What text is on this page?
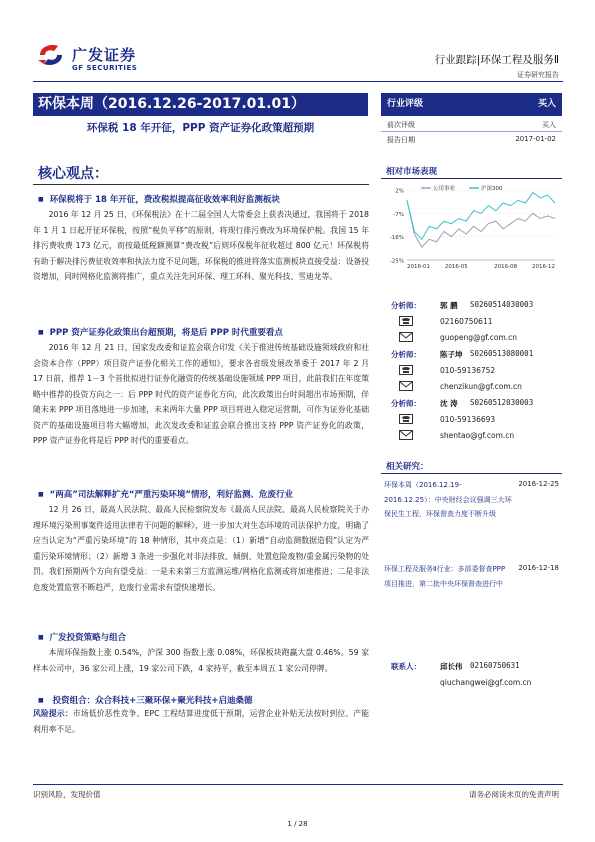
广发证券
GF SECURITIES
行业跟踪|环保工程及服务Ⅱ
证券研究报告
环保本周（2016.12.26-2017.01.01）
环保税 18 年开征，PPP 资产证券化政策超预期
行业评级	买入
前次评级	买入
报告日期	2017-01-02
核心观点：
■ 环保税将于 18 年开征，费改税拟提高征收效率利好监测板块

2016 年 12 月 25 日，《环保税法》在十二届全国人大常委会上获表决通过，我国将于 2018 年 1 月 1 日起开征环保税，按照“税负平移”的原则，将现行排污费改为环境保护税。我国 15 年排污费收费 173 亿元，而按最低税额测算“费改税”后则环保税年征收超过 800 亿元！环保税将有助于解决排污费征收效率和执法力度不足问题，环保税的推进将落实监测板块直接受益：设备投资增加，同时网格化监测将推广，重点关注先河环保、理工环科、聚光科技、雪迪龙等。

■ PPP 资产证券化政策出台超预期，将是后 PPP 时代重要看点

2016 年 12 月 21 日，国家发改委和证监会联合印发《关于推进传统基础设施领域政府和社会资本合作（PPP）项目资产证券化相关工作的通知》，要求各省级发展改革委于 2017 年 2 月 17 日前，推荐 1－3 个首批拟进行证券化融资的传统基础设施领域 PPP 项目，此前我们在年度策略中推荐的投资方向之一：后 PPP 时代的资产证券化方向，此次政策出台时间超出市场预期，伴随未来 PPP 项目落地进一步加速，未来两年大量 PPP 项目将进入稳定运营期，可作为证券化基础资产的基础设施项目将大幅增加，此次发改委和证监会联合推出支持 PPP 资产证券化的政策， PPP 资产证券化将是后 PPP 时代的重要看点。

■ “两高”司法解释扩充“严重污染环境”情形，利好监测、危废行业

12 月 26 日，最高人民法院、最高人民检察院发布《最高人民法院、最高人民检察院关于办理环境污染刑事案件适用法律若干问题的解释》，进一步加大对生态环境的司法保护力度，明确了应当认定为“严重污染环境”的 18 种情形，其中亮点是：（1）新增“自动监测数据造假”认定为严重污染环境情形；（2）新增 3 条进一步强化对非法排放、倾倒、处置危险废物/重金属污染物的处罚。我们预期两个方向有望受益：一是未来第三方监测运维/网格化监测或将加速推进；二是非法危废处置监管不断趋严，危废行业需求有望快速增长。

■ 广发投资策略与组合

本周环保指数上涨 0.54%，沪深 300 指数上涨 0.08%，环保板块跑赢大盘 0.46%。59 家样本公司中，36 家公司上涨，19 家公司下跌，4 家持平，截至本周五 1 家公司停牌。

■ 投资组合：众合科技+三聚环保+聚光科技+启迪桑德

风险提示：市场低价恶性竞争、EPC 工程结算进度低于预期，运营企业补贴无法按时到位、产能利用率不足。

相对市场表现
2%
-7%
-16%
-25%
2016-01	2016-05	2016-08	2016-12
公用事业	沪深300
分析师：	郭 鹏 S0260514030003
02160750611
guopeng@gf.com.cn
分析师：	陈子坤 S0260513080001
010-59136752
chenzikun@gf.com.cn
分析师：	沈 涛 S0260512030003
010-59136693
shentao@gf.com.cn
相关研究：
环保本周（2016.12.19-2016.12.25）：中央财经会议强调三大环保民生工程，环保督查力度不断升级
2016-12-25
环保工程及服务Ⅱ行业：多部委督查PPP项目推进，第二批中央环保督查进行中
2016-12-18
联系人：	邱长伟 02160750631
qiuchangwei@gf.com.cn
识别风险，发现价值	请务必阅读末页的免责声明
1 / 28
